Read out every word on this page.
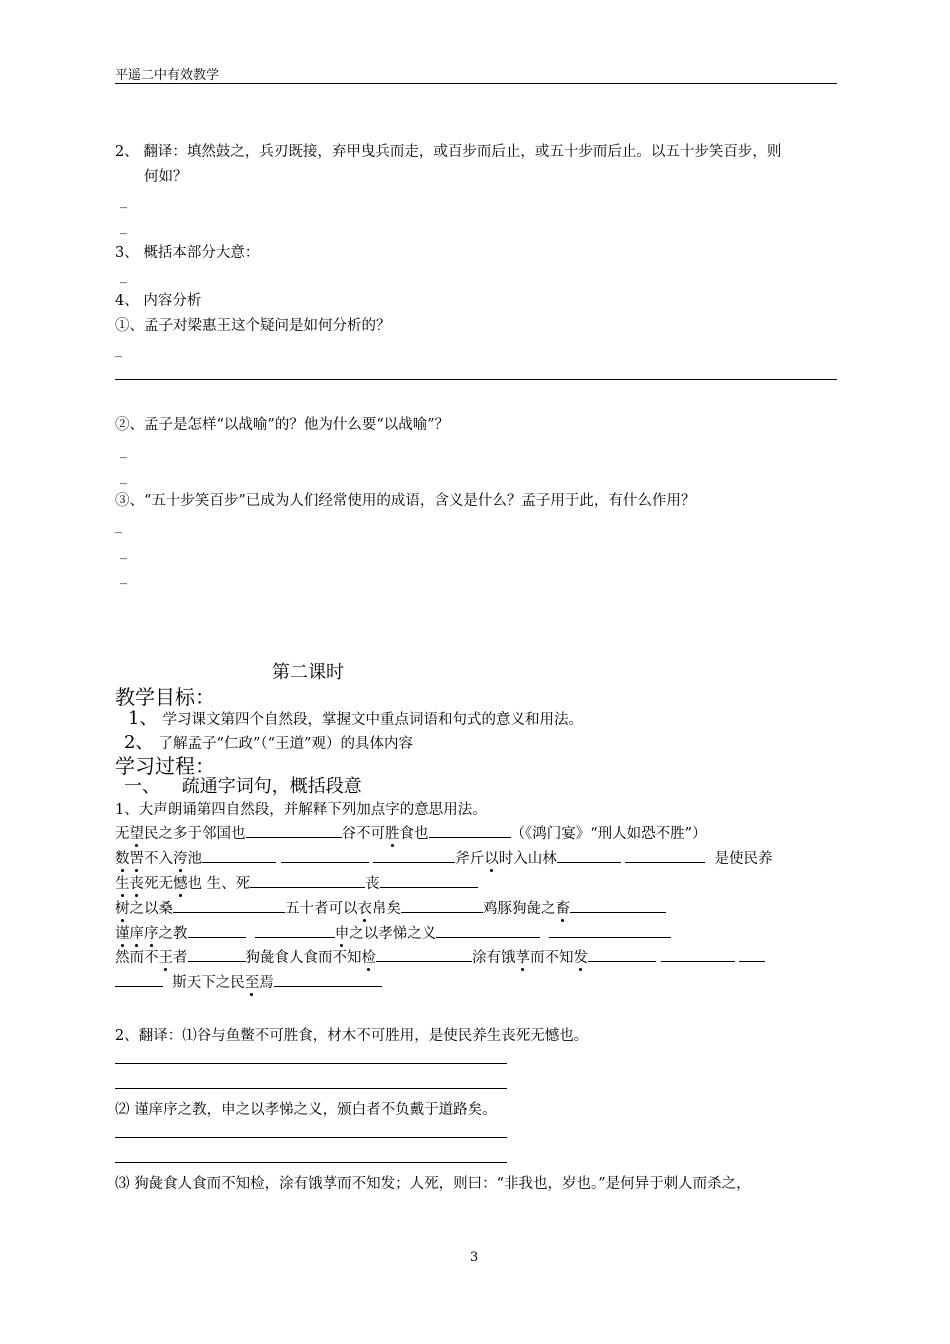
平遥二中有效教学
2、 翻译：填然鼓之，兵刃既接，弃甲曳兵而走，或百步而后止，或五十步而后止。以五十步笑百步，则
何如？
_
_
3、 概括本部分大意：
_
4、 内容分析
①、孟子对梁惠王这个疑问是如何分析的？
_
②、孟子是怎样“以战喻”的？他为什么要“以战喻”？
_
_
③、“五十步笑百步”已成为人们经常使用的成语，含义是什么？孟子用于此，有什么作用？
_
_
_
第二课时
教学目标：
1、 学习课文第四个自然段，掌握文中重点词语和句式的意义和用法。
2、 了解孟子“仁政”（“王道”观）的具体内容
学习过程：
一、 疏通字词句，概括段意
1、大声朗诵第四自然段，并解释下列加点字的意思用法。
无望民之多于邻国也	谷不可胜食也	（《鸿门宴》“刑人如恐不胜”）
数罟不入洿池	斧斤以时入山林	是使民养
生丧死无憾也 生、死	丧
树之以桑	五十者可以衣帛矣	鸡豚狗彘之畜
谨庠序之教	申之以孝悌之义
然而不王者	狗彘食人食而不知检	涂有饿莩而不知发
斯天下之民至焉
2、翻译：⑴谷与鱼鳖不可胜食，材木不可胜用，是使民养生丧死无憾也。
⑵ 谨庠序之教，申之以孝悌之义，颁白者不负戴于道路矣。
⑶ 狗彘食人食而不知检，涂有饿莩而不知发；人死，则曰：“非我也，岁也。”是何异于刺人而杀之，
3
